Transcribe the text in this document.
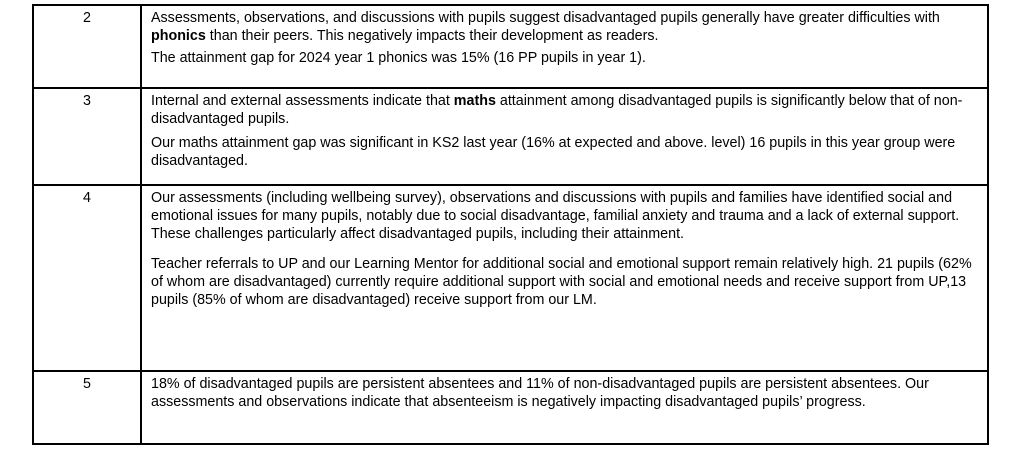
2	Assessments, observations, and discussions with pupils suggest disadvantaged pupils generally have greater difficulties with phonics than their peers. This negatively impacts their development as readers.

The attainment gap for 2024 year 1 phonics was 15% (16 PP pupils in year 1).

3	Internal and external assessments indicate that maths attainment among disadvantaged pupils is significantly below that of non-disadvantaged pupils.

Our maths attainment gap was significant in KS2 last year (16% at expected and above. level) 16 pupils in this year group were disadvantaged.

4	Our assessments (including wellbeing survey), observations and discussions with pupils and families have identified social and emotional issues for many pupils, notably due to social disadvantage, familial anxiety and trauma and a lack of external support. These challenges particularly affect disadvantaged pupils, including their attainment.

Teacher referrals to UP and our Learning Mentor for additional social and emotional support remain relatively high. 21 pupils (62% of whom are disadvantaged) currently require additional support with social and emotional needs and receive support from UP,13 pupils (85% of whom are disadvantaged) receive support from our LM.

5	18% of disadvantaged pupils are persistent absentees and 11% of non-disadvantaged pupils are persistent absentees. Our assessments and observations indicate that absenteeism is negatively impacting disadvantaged pupils’ progress.
